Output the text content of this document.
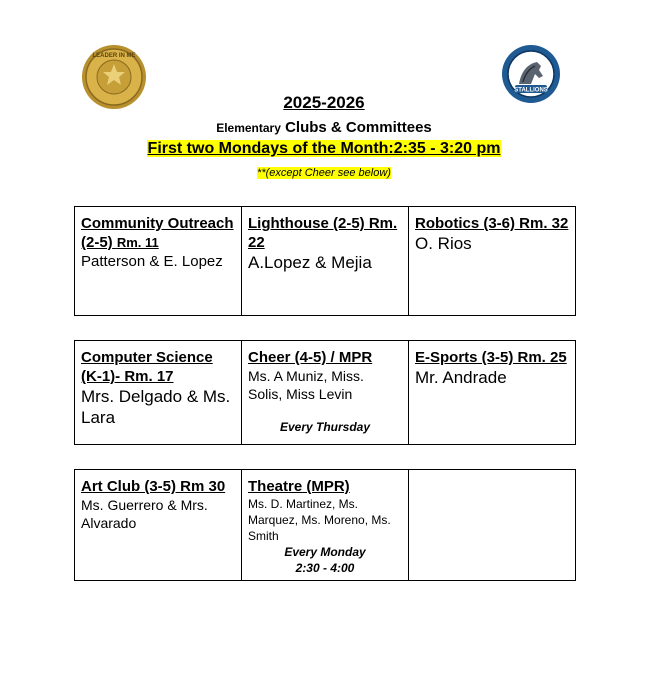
LEADER IN ME
STALLIONS
2025-2026
Elementary Clubs & Committees
First two Mondays of the Month:2:35 - 3:20 pm
**(except Cheer see below)
Community Outreach (2-5) Rm. 11
Patterson & E. Lopez

Lighthouse (2-5) Rm. 22
A.Lopez & Mejia

Robotics (3-6) Rm. 32
O. Rios
Computer Science (K-1)- Rm. 17
Mrs. Delgado & Ms. Lara

Cheer (4-5) / MPR
Ms. A Muniz, Miss. Solis, Miss Levin
Every Thursday

E-Sports (3-5) Rm. 25
Mr. Andrade
Art Club (3-5) Rm 30
Ms. Guerrero & Mrs. Alvarado

Theatre (MPR)
Ms. D. Martinez, Ms. Marquez, Ms. Moreno, Ms. Smith
Every Monday
2:30 - 4:00
